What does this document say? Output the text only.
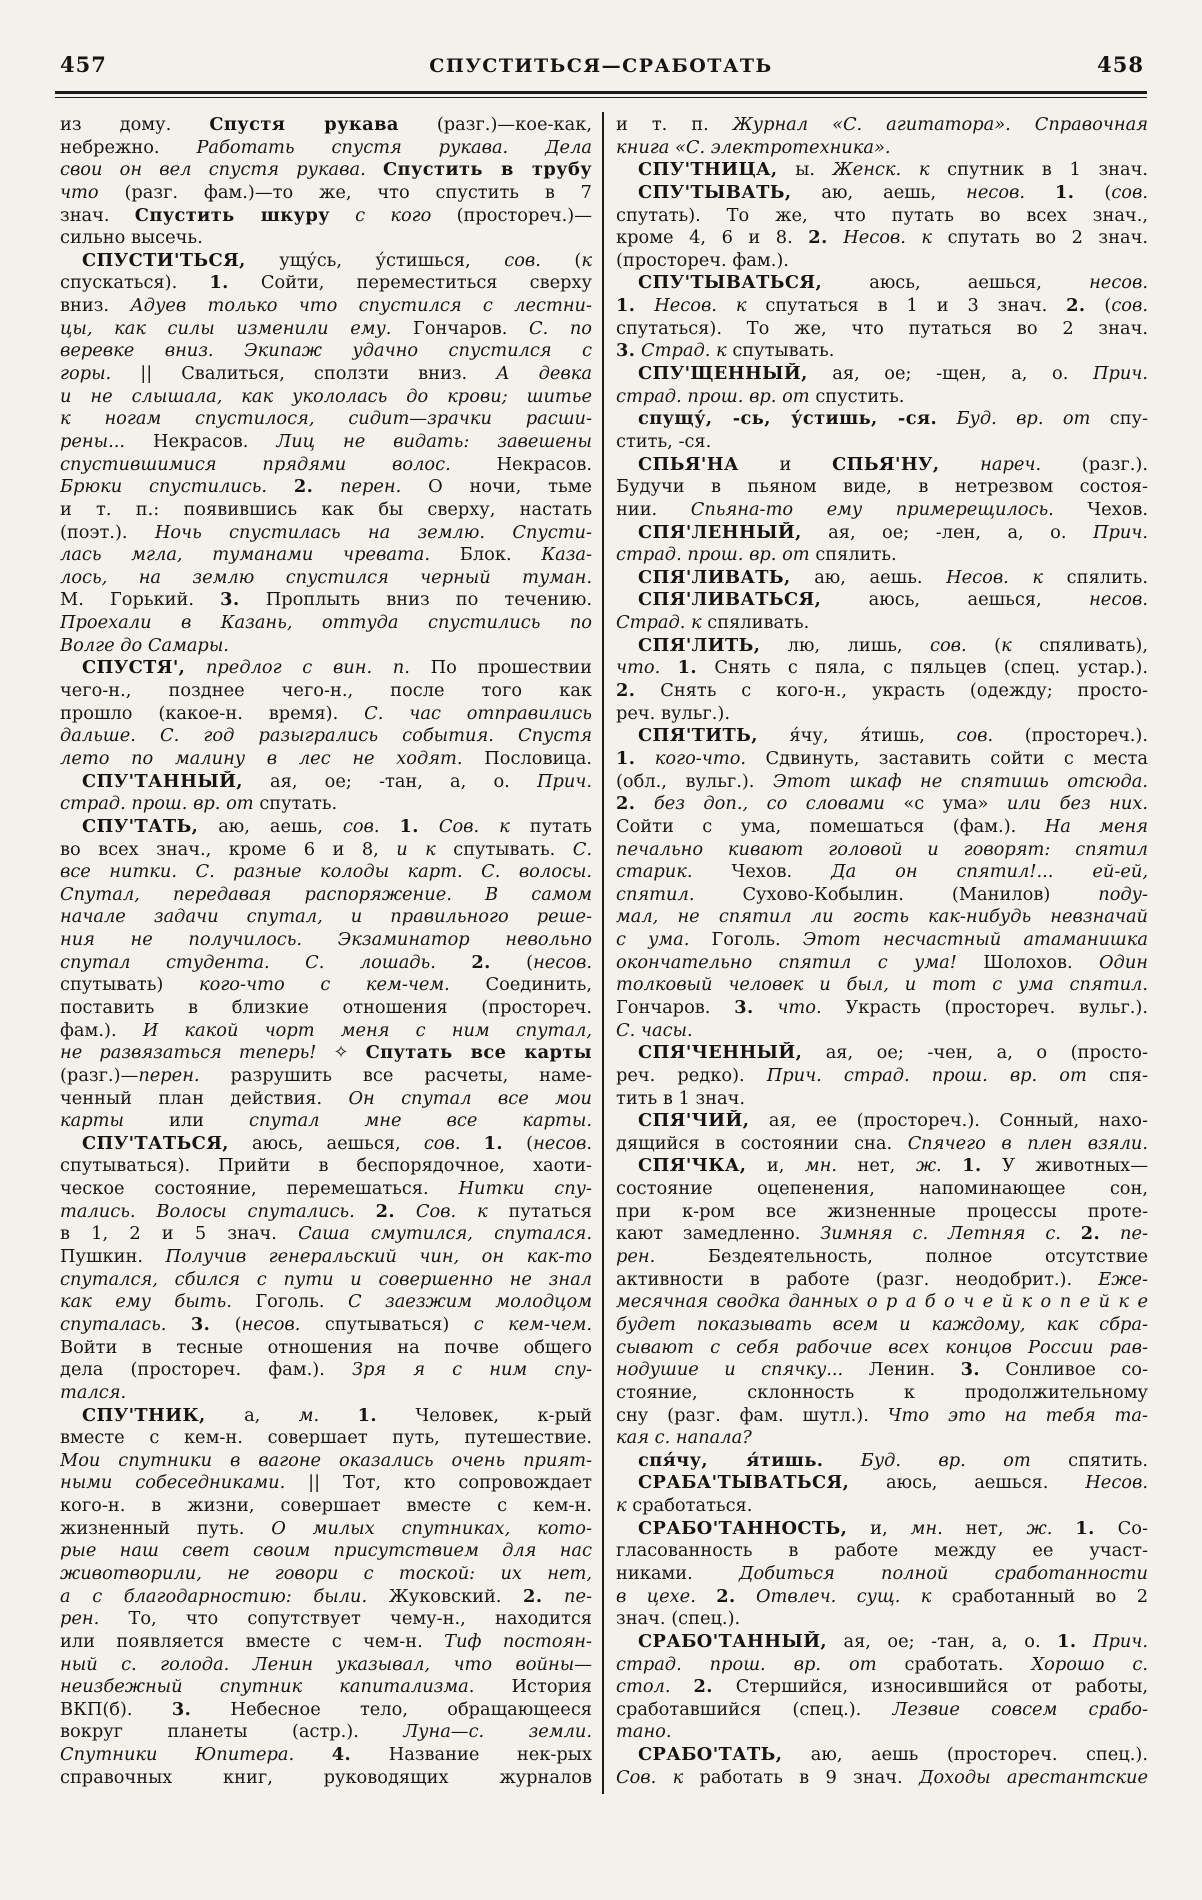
457	СПУСТИТЬСЯ—СРАБОТАТЬ	458
из дому. Спустя рукава (разг.)—кое-как,
небрежно. Работать спустя рукава. Дела
свои он вел спустя рукава. Спустить в трубу
что (разг. фам.)—то же, что спустить в 7
знач. Спустить шкуру с кого (простореч.)—
сильно высечь.
СПУСТИ'ТЬСЯ, ущу́сь, у́стишься, сов. (к
спускаться). 1. Сойти, переместиться сверху
вниз. Адуев только что спустился с лестни-
цы, как силы изменили ему. Гончаров. С. по
веревке вниз. Экипаж удачно спустился с
горы. || Свалиться, сползти вниз. А девка
и не слышала, как укололась до крови; шитье
к ногам спустилося, сидит—зрачки расши-
рены... Некрасов. Лиц не видать: завешены
спустившимися прядями волос. Некрасов.
Брюки спустились. 2. перен. О ночи, тьме
и т. п.: появившись как бы сверху, настать
(поэт.). Ночь спустилась на землю. Спусти-
лась мгла, туманами чревата. Блок. Каза-
лось, на землю спустился черный туман.
М. Горький. 3. Проплыть вниз по течению.
Проехали в Казань, оттуда спустились по
Волге до Самары.
СПУСТЯ', предлог с вин. п. По прошествии
чего-н., позднее чего-н., после того как
прошло (какое-н. время). С. час отправились
дальше. С. год разыгрались события. Спустя
лето по малину в лес не ходят. Пословица.
СПУ'ТАННЫЙ, ая, ое; -тан, а, о. Прич.
страд. прош. вр. от спутать.
СПУ'ТАТЬ, аю, аешь, сов. 1. Сов. к путать
во всех знач., кроме 6 и 8, и к спутывать. С.
все нитки. С. разные колоды карт. С. волосы.
Спутал, передавая распоряжение. В самом
начале задачи спутал, и правильного реше-
ния не получилось. Экзаминатор невольно
спутал студента. С. лошадь. 2. (несов.
спутывать) кого-что с кем-чем. Соединить,
поставить в близкие отношения (простореч.
фам.). И какой чорт меня с ним спутал,
не развязаться теперь! ✧ Спутать все карты
(разг.)—перен. разрушить все расчеты, наме-
ченный план действия. Он спутал все мои
карты или спутал мне все карты.
СПУ'ТАТЬСЯ, аюсь, аешься, сов. 1. (несов.
спутываться). Прийти в беспорядочное, хаоти-
ческое состояние, перемешаться. Нитки спу-
тались. Волосы спутались. 2. Сов. к путаться
в 1, 2 и 5 знач. Саша смутился, спутался.
Пушкин. Получив генеральский чин, он как-то
спутался, сбился с пути и совершенно не знал
как ему быть. Гоголь. С заезжим молодцом
спуталась. 3. (несов. спутываться) с кем-чем.
Войти в тесные отношения на почве общего
дела (простореч. фам.). Зря я с ним спу-
тался.
СПУ'ТНИК, а, м. 1. Человек, к-рый
вместе с кем-н. совершает путь, путешествие.
Мои спутники в вагоне оказались очень прият-
ными собеседниками. || Тот, кто сопровождает
кого-н. в жизни, совершает вместе с кем-н.
жизненный путь. О милых спутниках, кото-
рые наш свет своим присутствием для нас
животворили, не говори с тоской: их нет,
а с благодарностию: были. Жуковский. 2. пе-
рен. То, что сопутствует чему-н., находится
или появляется вместе с чем-н. Тиф постоян-
ный с. голода. Ленин указывал, что войны—
неизбежный спутник капитализма. История
ВКП(б). 3. Небесное тело, обращающееся
вокруг планеты (астр.). Луна—с. земли.
Спутники Юпитера. 4. Название нек-рых
справочных книг, руководящих журналов
и т. п. Журнал «С. агитатора». Справочная
книга «С. электротехника».
СПУ'ТНИЦА, ы. Женск. к спутник в 1 знач.
СПУ'ТЫВАТЬ, аю, аешь, несов. 1. (сов.
спутать). То же, что путать во всех знач.,
кроме 4, 6 и 8. 2. Несов. к спутать во 2 знач.
(простореч. фам.).
СПУ'ТЫВАТЬСЯ, аюсь, аешься, несов.
1. Несов. к спутаться в 1 и 3 знач. 2. (сов.
спутаться). То же, что путаться во 2 знач.
3. Страд. к спутывать.
СПУ'ЩЕННЫЙ, ая, ое; -щен, а, о. Прич.
страд. прош. вр. от спустить.
спущу́, -сь, у́стишь, -ся. Буд. вр. от спу-
стить, -ся.
СПЬЯ'НА и СПЬЯ'НУ, нареч. (разг.).
Будучи в пьяном виде, в нетрезвом состоя-
нии. Спьяна-то ему примерещилось. Чехов.
СПЯ'ЛЕННЫЙ, ая, ое; -лен, а, о. Прич.
страд. прош. вр. от спялить.
СПЯ'ЛИВАТЬ, аю, аешь. Несов. к спялить.
СПЯ'ЛИВАТЬСЯ, аюсь, аешься, несов.
Страд. к спяливать.
СПЯ'ЛИТЬ, лю, лишь, сов. (к спяливать),
что. 1. Снять с пяла, с пяльцев (спец. устар.).
2. Снять с кого-н., украсть (одежду; просто-
реч. вульг.).
СПЯ'ТИТЬ, я́чу, я́тишь, сов. (простореч.).
1. кого-что. Сдвинуть, заставить сойти с места
(обл., вульг.). Этот шкаф не спятишь отсюда.
2. без доп., со словами «с ума» или без них.
Сойти с ума, помешаться (фам.). На меня
печально кивают головой и говорят: спятил
старик. Чехов. Да он спятил!... ей-ей,
спятил. Сухово-Кобылин. (Манилов) поду-
мал, не спятил ли гость как-нибудь невзначай
с ума. Гоголь. Этот несчастный атаманишка
окончательно спятил с ума! Шолохов. Один
толковый человек и был, и тот с ума спятил.
Гончаров. 3. что. Украсть (простореч. вульг.).
С. часы.
СПЯ'ЧЕННЫЙ, ая, ое; -чен, а, о (просто-
реч. редко). Прич. страд. прош. вр. от спя-
тить в 1 знач.
СПЯ'ЧИЙ, ая, ее (простореч.). Сонный, нахо-
дящийся в состоянии сна. Спячего в плен взяли.
СПЯ'ЧКА, и, мн. нет, ж. 1. У животных—
состояние оцепенения, напоминающее сон,
при к-ром все жизненные процессы проте-
кают замедленно. Зимняя с. Летняя с. 2. пе-
рен. Бездеятельность, полное отсутствие
активности в работе (разг. неодобрит.). Еже-
месячная сводка данных о р а б о ч е й к о п е й к е
будет показывать всем и каждому, как сбра-
сывают с себя рабочие всех концов России рав-
нодушие и спячку... Ленин. 3. Сонливое со-
стояние, склонность к продолжительному
сну (разг. фам. шутл.). Что это на тебя та-
кая с. напала?
спя́чу, я́тишь. Буд. вр. от спятить.
СРАБА'ТЫВАТЬСЯ, аюсь, аешься. Несов.
к сработаться.
СРАБО'ТАННОСТЬ, и, мн. нет, ж. 1. Со-
гласованность в работе между ее участ-
никами. Добиться полной сработанности
в цехе. 2. Отвлеч. сущ. к сработанный во 2
знач. (спец.).
СРАБО'ТАННЫЙ, ая, ое; -тан, а, о. 1. Прич.
страд. прош. вр. от сработать. Хорошо с.
стол. 2. Стершийся, износившийся от работы,
сработавшийся (спец.). Лезвие совсем срабо-
тано.
СРАБО'ТАТЬ, аю, аешь (простореч. спец.).
Сов. к работать в 9 знач. Доходы арестантские
